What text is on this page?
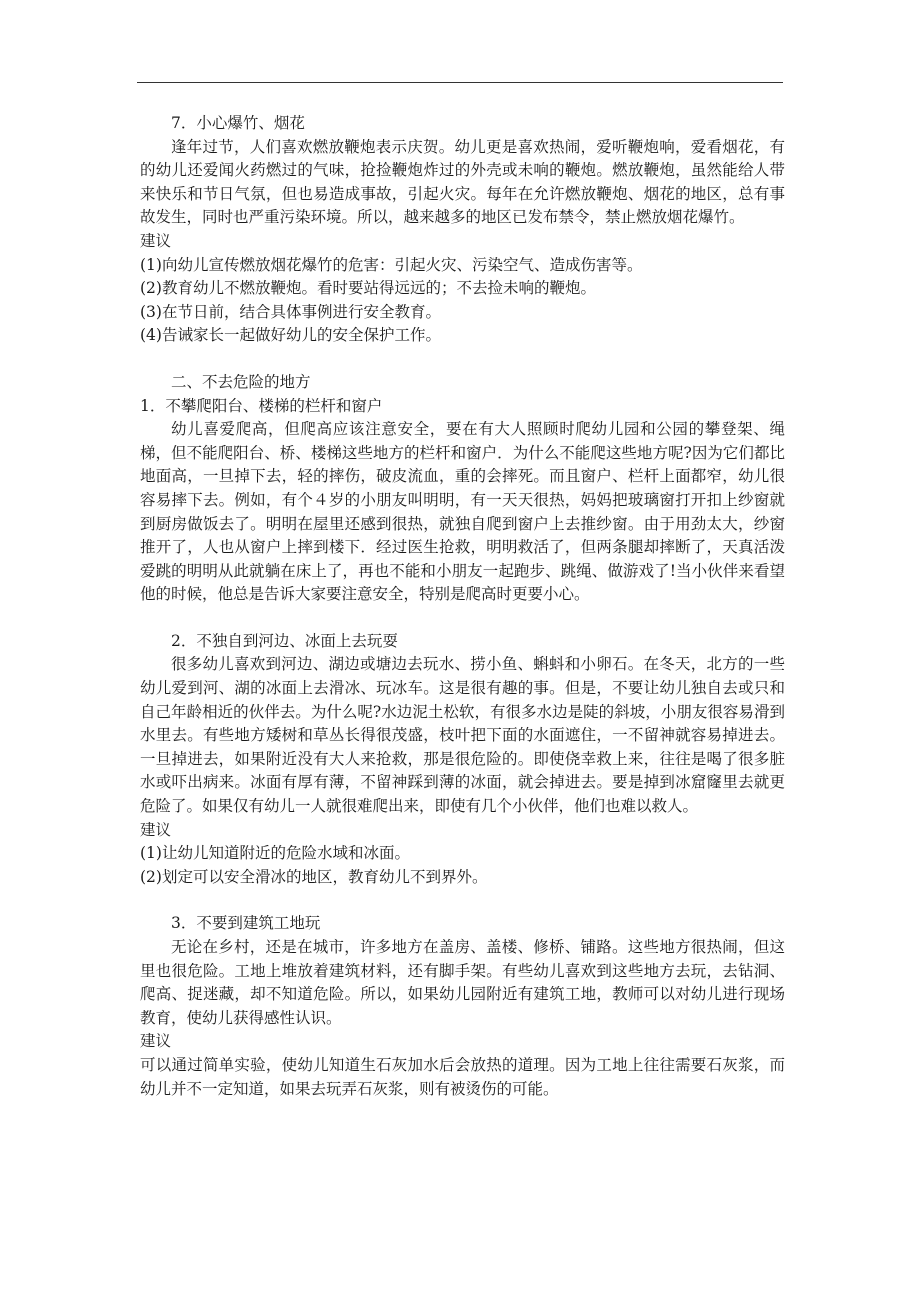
7．小心爆竹、烟花

逢年过节，人们喜欢燃放鞭炮表示庆贺。幼儿更是喜欢热闹，爱听鞭炮响，爱看烟花，有的幼儿还爱闻火药燃过的气味，抢捡鞭炮炸过的外壳或未响的鞭炮。燃放鞭炮，虽然能给人带来快乐和节日气氛，但也易造成事故，引起火灾。每年在允许燃放鞭炮、烟花的地区，总有事故发生，同时也严重污染环境。所以，越来越多的地区已发布禁令，禁止燃放烟花爆竹。

建议

(1)向幼儿宣传燃放烟花爆竹的危害：引起火灾、污染空气、造成伤害等。

(2)教育幼儿不燃放鞭炮。看时要站得远远的；不去捡未响的鞭炮。

(3)在节日前，结合具体事例进行安全教育。

(4)告诫家长一起做好幼儿的安全保护工作。

二、不去危险的地方

1．不攀爬阳台、楼梯的栏杆和窗户

幼儿喜爱爬高，但爬高应该注意安全，要在有大人照顾时爬幼儿园和公园的攀登架、绳梯，但不能爬阳台、桥、楼梯这些地方的栏杆和窗户．为什么不能爬这些地方呢?因为它们都比地面高，一旦掉下去，轻的摔伤，破皮流血，重的会摔死。而且窗户、栏杆上面都窄，幼儿很容易摔下去。例如，有个４岁的小朋友叫明明，有一天天很热，妈妈把玻璃窗打开扣上纱窗就到厨房做饭去了。明明在屋里还感到很热，就独自爬到窗户上去推纱窗。由于用劲太大，纱窗推开了，人也从窗户上摔到楼下．经过医生抢救，明明救活了，但两条腿却摔断了，天真活泼爱跳的明明从此就躺在床上了，再也不能和小朋友一起跑步、跳绳、做游戏了!当小伙伴来看望他的时候，他总是告诉大家要注意安全，特别是爬高时更要小心。

2．不独自到河边、冰面上去玩耍

很多幼儿喜欢到河边、湖边或塘边去玩水、捞小鱼、蝌蚪和小卵石。在冬天，北方的一些幼儿爱到河、湖的冰面上去滑冰、玩冰车。这是很有趣的事。但是，不要让幼儿独自去或只和自己年龄相近的伙伴去。为什么呢?水边泥土松软，有很多水边是陡的斜坡，小朋友很容易滑到水里去。有些地方矮树和草丛长得很茂盛，枝叶把下面的水面遮住，一不留神就容易掉进去。一旦掉进去，如果附近没有大人来抢救，那是很危险的。即使侥幸救上来，往往是喝了很多脏水或吓出病来。冰面有厚有薄，不留神踩到薄的冰面，就会掉进去。要是掉到冰窟窿里去就更危险了。如果仅有幼儿一人就很难爬出来，即使有几个小伙伴，他们也难以救人。

建议

(1)让幼儿知道附近的危险水域和冰面。

(2)划定可以安全滑冰的地区，教育幼儿不到界外。

3．不要到建筑工地玩

无论在乡村，还是在城市，许多地方在盖房、盖楼、修桥、铺路。这些地方很热闹，但这里也很危险。工地上堆放着建筑材料，还有脚手架。有些幼儿喜欢到这些地方去玩，去钻洞、爬高、捉迷藏，却不知道危险。所以，如果幼儿园附近有建筑工地，教师可以对幼儿进行现场教育，使幼儿获得感性认识。

建议

可以通过简单实验，使幼儿知道生石灰加水后会放热的道理。因为工地上往往需要石灰浆，而幼儿并不一定知道，如果去玩弄石灰浆，则有被烫伤的可能。
